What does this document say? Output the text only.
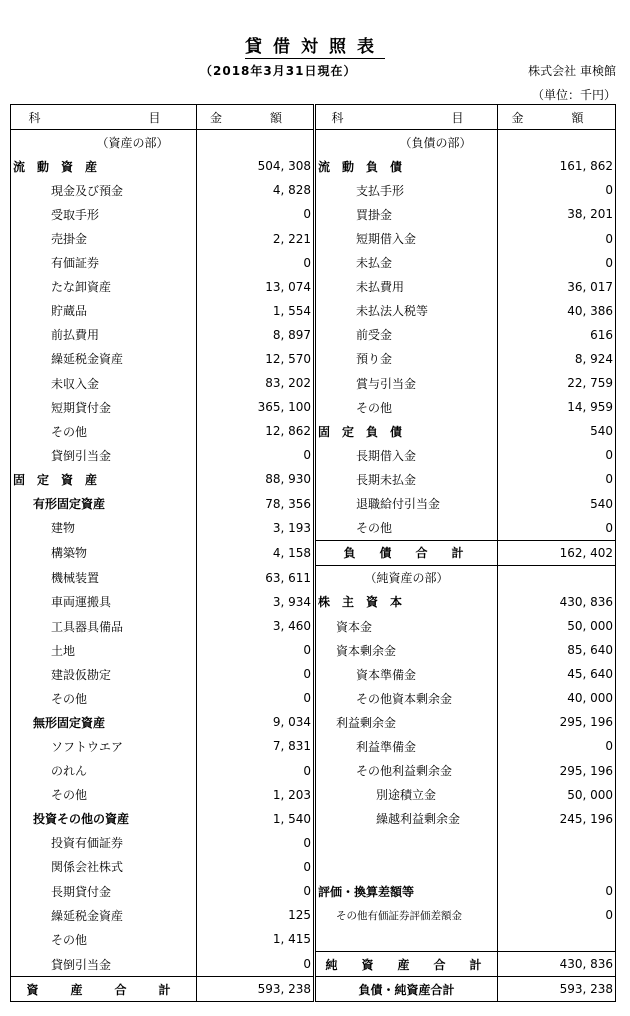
貸借対照表
（2018年3月31日現在）	株式会社 車検館
（単位：千円）
科　　　目	金　額	科　　　目	金　額
（資産の部）		（負債の部）	
流　動　資　産	504, 308	流　動　負　債	161, 862
現金及び預金	4, 828	支払手形	0
受取手形	0	買掛金	38, 201
売掛金	2, 221	短期借入金	0
有価証券	0	未払金	0
たな卸資産	13, 074	未払費用	36, 017
貯蔵品	1, 554	未払法人税等	40, 386
前払費用	8, 897	前受金	616
繰延税金資産	12, 570	預り金	8, 924
未収入金	83, 202	賞与引当金	22, 759
短期貸付金	365, 100	その他	14, 959
その他	12, 862	固　定　負　債	540
貸倒引当金	0	長期借入金	0
固　定　資　産	88, 930	長期未払金	0
有形固定資産	78, 356	退職給付引当金	540
建物	3, 193	その他	0
構築物	4, 158	負　債　合　計	162, 402
機械装置	63, 611	（純資産の部）	
車両運搬具	3, 934	株　主　資　本	430, 836
工具器具備品	3, 460	資本金	50, 000
土地	0	資本剰余金	85, 640
建設仮勘定	0	資本準備金	45, 640
その他	0	その他資本剰余金	40, 000
無形固定資産	9, 034	利益剰余金	295, 196
ソフトウエア	7, 831	利益準備金	0
のれん	0	その他利益剰余金	295, 196
その他	1, 203	別途積立金	50, 000
投資その他の資産	1, 540	繰越利益剰余金	245, 196
投資有価証券	0		
関係会社株式	0		
長期貸付金	0	評価・換算差額等	0
繰延税金資産	125	その他有価証券評価差額金	0
その他	1, 415		
貸倒引当金	0	純　資　産　合　計	430, 836
資　産　合　計	593, 238	負債・純資産合計	593, 238
